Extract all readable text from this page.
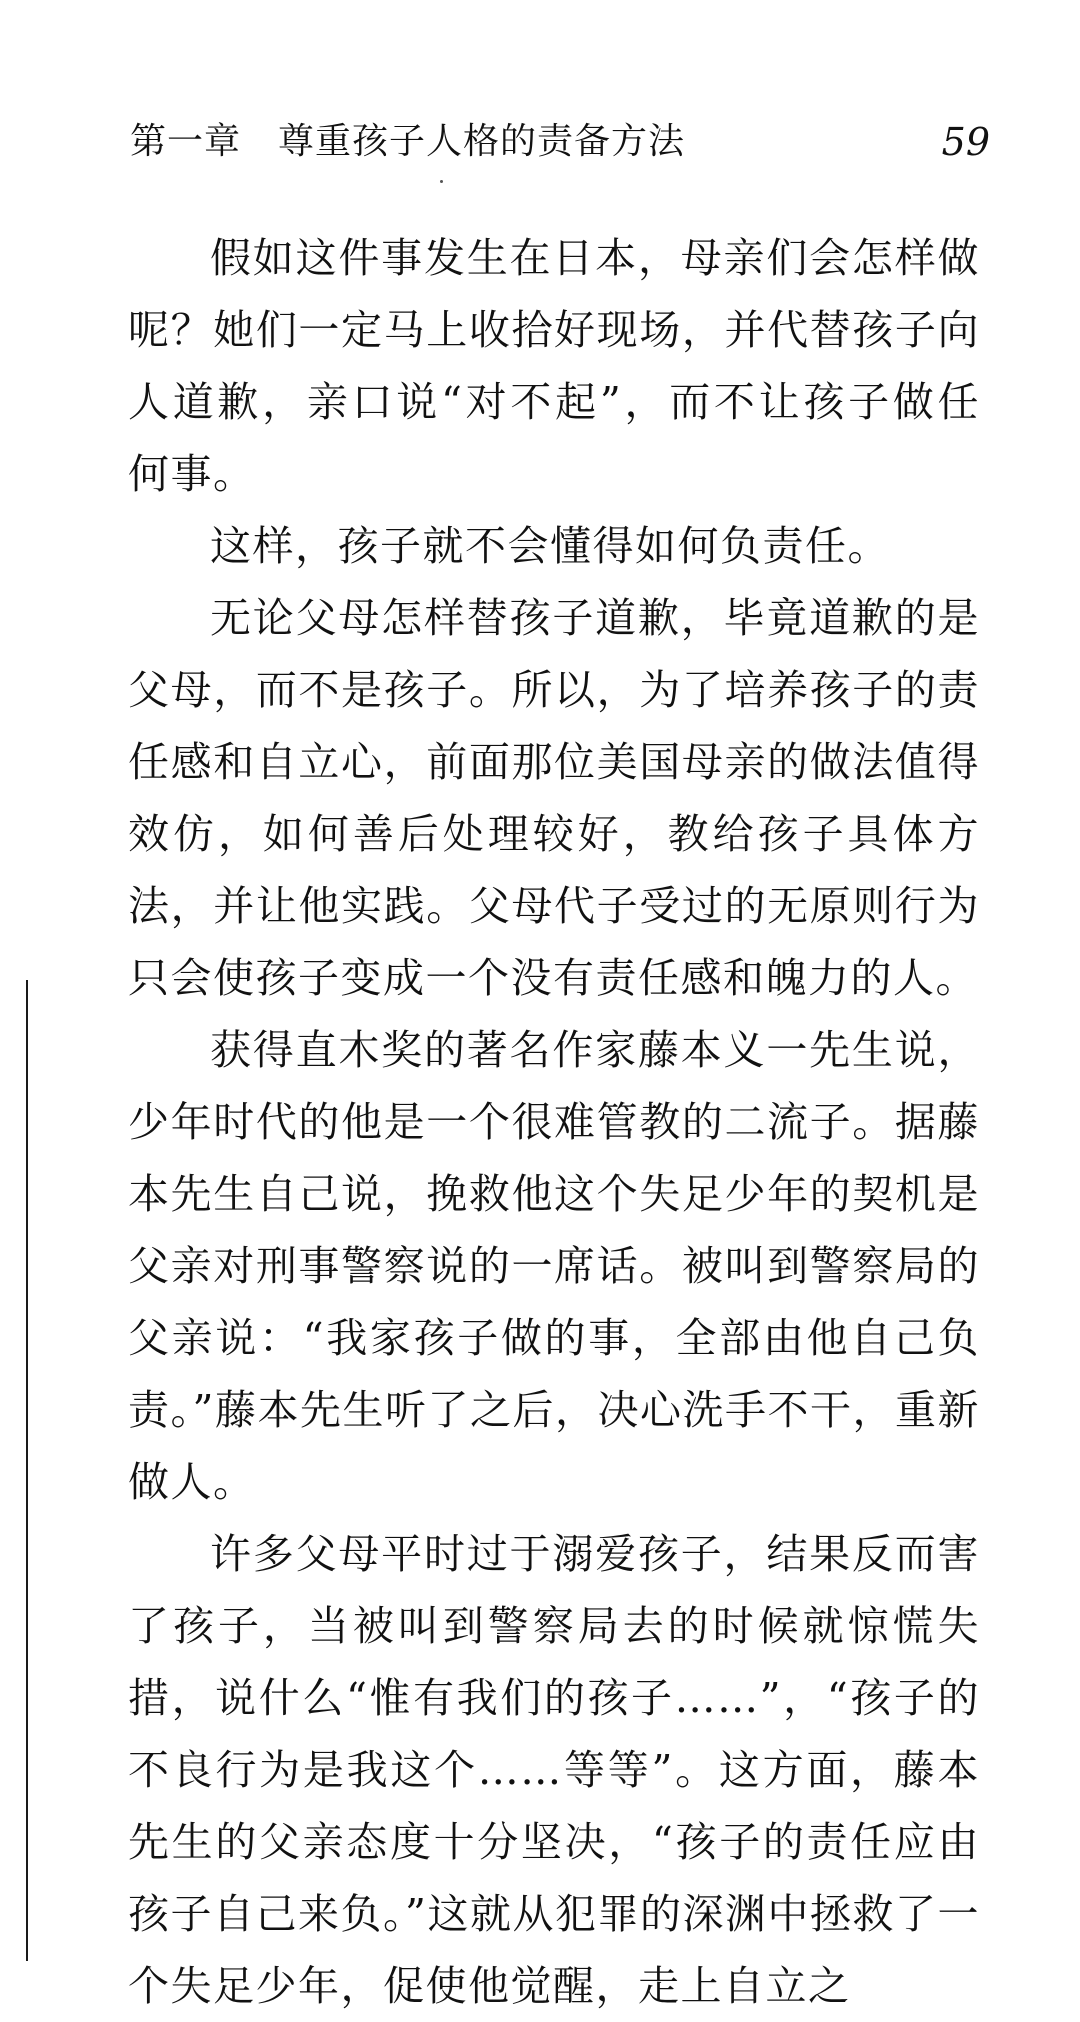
第一章　尊重孩子人格的责备方法	59

假如这件事发生在日本，母亲们会怎样做呢？她们一定马上收拾好现场，并代替孩子向人道歉，亲口说“对不起”，而不让孩子做任何事。

这样，孩子就不会懂得如何负责任。

无论父母怎样替孩子道歉，毕竟道歉的是父母，而不是孩子。所以，为了培养孩子的责任感和自立心，前面那位美国母亲的做法值得效仿，如何善后处理较好，教给孩子具体方法，并让他实践。父母代子受过的无原则行为只会使孩子变成一个没有责任感和魄力的人。

获得直木奖的著名作家藤本义一先生说，少年时代的他是一个很难管教的二流子。据藤本先生自己说，挽救他这个失足少年的契机是父亲对刑事警察说的一席话。被叫到警察局的父亲说：“我家孩子做的事，全部由他自己负责。”藤本先生听了之后，决心洗手不干，重新做人。

许多父母平时过于溺爱孩子，结果反而害了孩子，当被叫到警察局去的时候就惊慌失措，说什么“惟有我们的孩子……”，“孩子的不良行为是我这个……等等”。这方面，藤本先生的父亲态度十分坚决，“孩子的责任应由孩子自己来负。”这就从犯罪的深渊中拯救了一个失足少年，促使他觉醒，走上自立之
